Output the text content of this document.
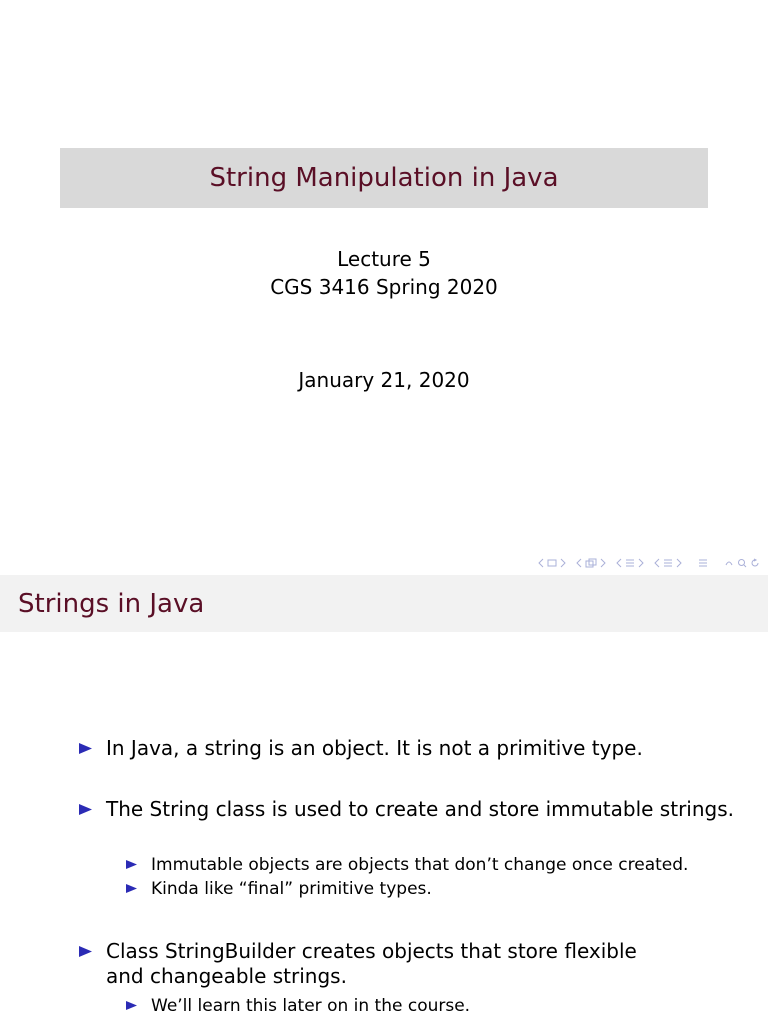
String Manipulation in Java
Lecture 5
CGS 3416 Spring 2020
January 21, 2020
Strings in Java
In Java, a string is an object. It is not a primitive type.
The String class is used to create and store immutable strings.
Immutable objects are objects that don’t change once created.
Kinda like “final” primitive types.
Class StringBuilder creates objects that store flexible and changeable strings.
We’ll learn this later on in the course.
